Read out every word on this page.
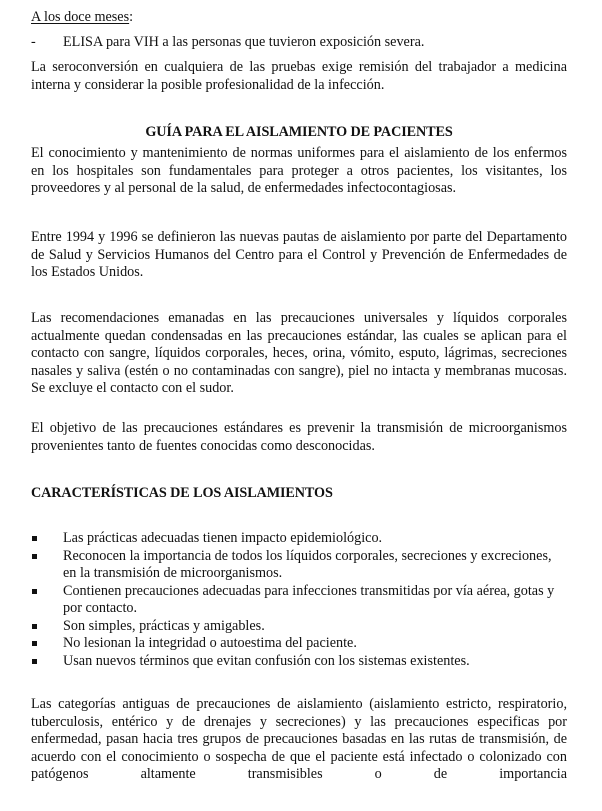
A los doce meses:
-	ELISA para VIH a las personas que tuvieron exposición severa.
La seroconversión en cualquiera de las pruebas exige remisión del trabajador a medicina interna y considerar la posible profesionalidad de la infección.
GUÍA PARA EL AISLAMIENTO DE PACIENTES
El conocimiento y mantenimiento de normas uniformes para el aislamiento de los enfermos en los hospitales son fundamentales para proteger a otros pacientes, los visitantes, los proveedores y al personal de la salud, de enfermedades infectocontagiosas.
Entre 1994 y 1996 se definieron las nuevas pautas de aislamiento por parte del Departamento de Salud y Servicios Humanos del Centro para el Control y Prevención de Enfermedades de los Estados Unidos.
Las recomendaciones emanadas en las precauciones universales y líquidos corporales actualmente quedan condensadas en las precauciones estándar, las cuales se aplican para el contacto con sangre, líquidos corporales, heces, orina, vómito, esputo, lágrimas, secreciones nasales y saliva (estén o no contaminadas con sangre), piel no intacta y membranas mucosas. Se excluye el contacto con el sudor.
El objetivo de las precauciones estándares es prevenir la transmisión de microorganismos provenientes tanto de fuentes conocidas como desconocidas.
CARACTERÍSTICAS DE LOS AISLAMIENTOS
Las prácticas adecuadas tienen impacto epidemiológico.
Reconocen la importancia de todos los líquidos corporales, secreciones y excreciones, en la transmisión de microorganismos.
Contienen precauciones adecuadas para infecciones transmitidas por vía aérea, gotas y por contacto.
Son simples, prácticas y amigables.
No lesionan la integridad o autoestima del paciente.
Usan nuevos términos que evitan confusión con los sistemas existentes.
Las categorías antiguas de precauciones de aislamiento (aislamiento estricto, respiratorio, tuberculosis, entérico y de drenajes y secreciones) y las precauciones especificas por enfermedad, pasan hacia tres grupos de precauciones basadas en las rutas de transmisión, de acuerdo con el conocimiento o sospecha de que el paciente está infectado o colonizado con patógenos altamente transmisibles o de importancia
